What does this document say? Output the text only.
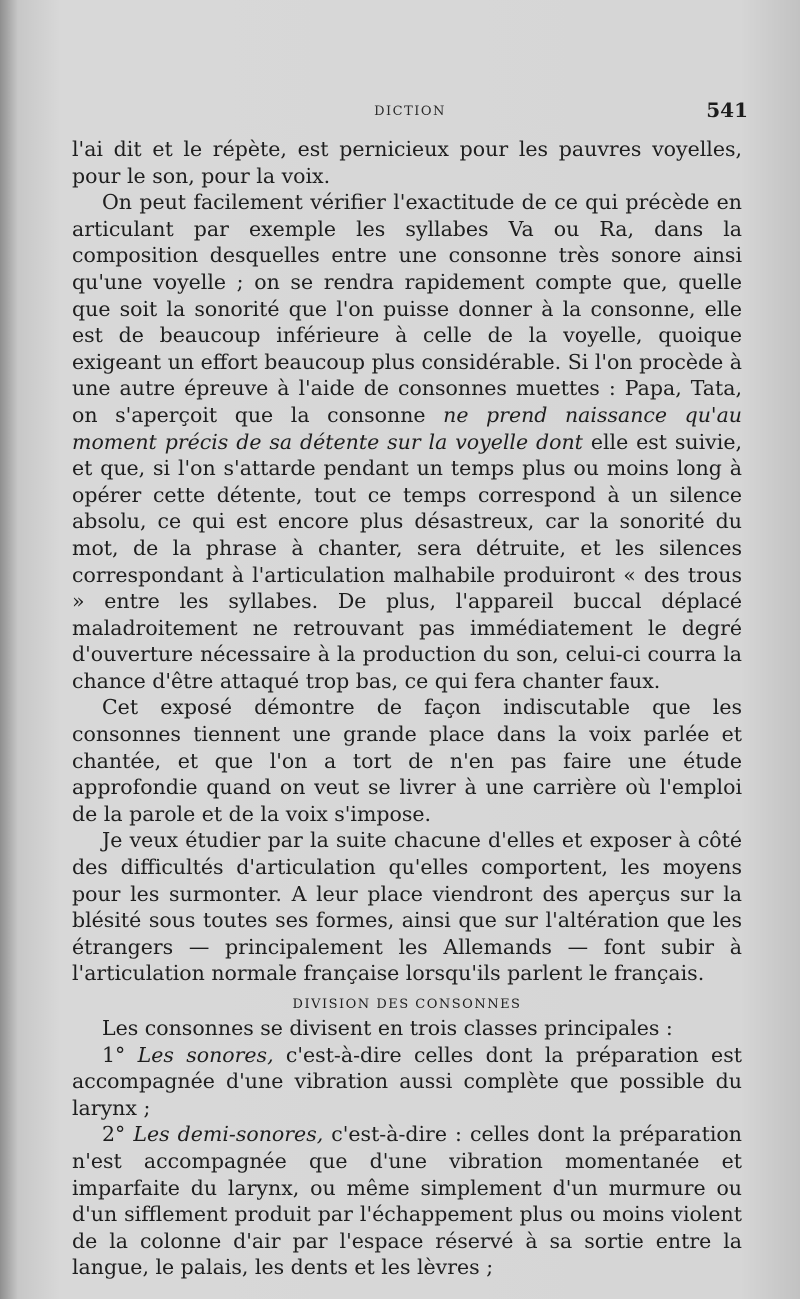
DICTION	541

l'ai dit et le répète, est pernicieux pour les pauvres voyelles, pour le son, pour la voix.

On peut facilement vérifier l'exactitude de ce qui précède en articulant par exemple les syllabes Va ou Ra, dans la composition desquelles entre une consonne très sonore ainsi qu'une voyelle ; on se rendra rapidement compte que, quelle que soit la sonorité que l'on puisse donner à la consonne, elle est de beaucoup inférieure à celle de la voyelle, quoique exigeant un effort beaucoup plus considérable. Si l'on procède à une autre épreuve à l'aide de consonnes muettes : Papa, Tata, on s'aperçoit que la consonne ne prend naissance qu'au moment précis de sa détente sur la voyelle dont elle est suivie, et que, si l'on s'attarde pendant un temps plus ou moins long à opérer cette détente, tout ce temps correspond à un silence absolu, ce qui est encore plus désastreux, car la sonorité du mot, de la phrase à chanter, sera détruite, et les silences correspondant à l'articulation malhabile produiront « des trous » entre les syllabes. De plus, l'appareil buccal déplacé maladroitement ne retrouvant pas immédiatement le degré d'ouverture nécessaire à la production du son, celui-ci courra la chance d'être attaqué trop bas, ce qui fera chanter faux.

Cet exposé démontre de façon indiscutable que les consonnes tiennent une grande place dans la voix parlée et chantée, et que l'on a tort de n'en pas faire une étude approfondie quand on veut se livrer à une carrière où l'emploi de la parole et de la voix s'impose.

Je veux étudier par la suite chacune d'elles et exposer à côté des difficultés d'articulation qu'elles comportent, les moyens pour les surmonter. A leur place viendront des aperçus sur la blésité sous toutes ses formes, ainsi que sur l'altération que les étrangers — principalement les Allemands — font subir à l'articulation normale française lorsqu'ils parlent le français.

DIVISION DES CONSONNES

Les consonnes se divisent en trois classes principales :

1° Les sonores, c'est-à-dire celles dont la préparation est accompagnée d'une vibration aussi complète que possible du larynx ;

2° Les demi-sonores, c'est-à-dire : celles dont la préparation n'est accompagnée que d'une vibration momentanée et imparfaite du larynx, ou même simplement d'un murmure ou d'un sifflement produit par l'échappement plus ou moins violent de la colonne d'air par l'espace réservé à sa sortie entre la langue, le palais, les dents et les lèvres ;
